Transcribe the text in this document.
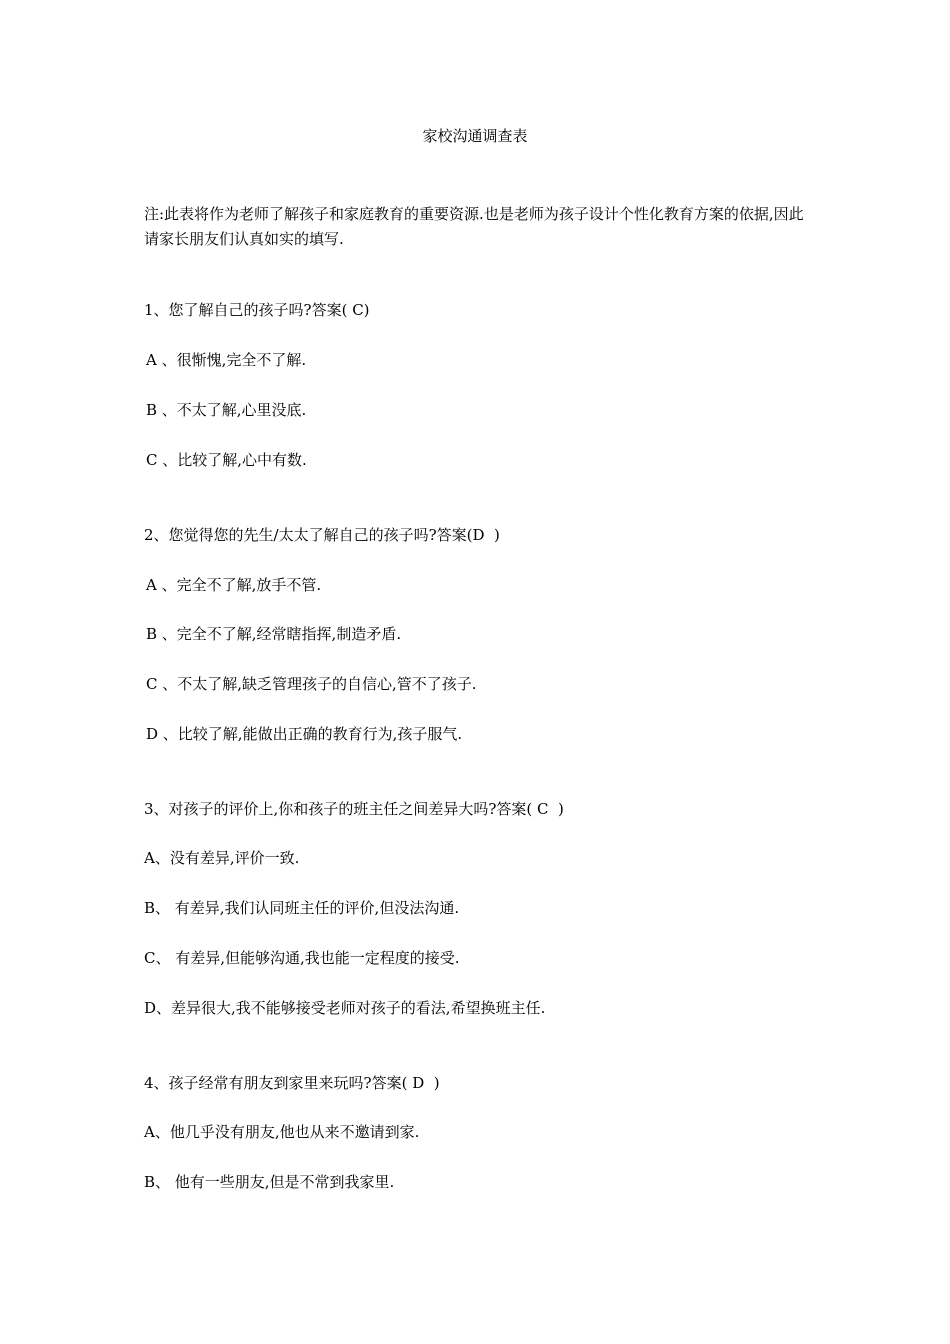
家校沟通调查表

注:此表将作为老师了解孩子和家庭教育的重要资源.也是老师为孩子设计个性化教育方案的依据,因此请家长朋友们认真如实的填写.

1、您了解自己的孩子吗?答案( C)
A 、很惭愧,完全不了解.
B 、不太了解,心里没底.
C 、比较了解,心中有数.
2、您觉得您的先生/太太了解自己的孩子吗?答案(D  )
A 、完全不了解,放手不管.
B 、完全不了解,经常瞎指挥,制造矛盾.
C 、不太了解,缺乏管理孩子的自信心,管不了孩子.
D 、比较了解,能做出正确的教育行为,孩子服气.
3、对孩子的评价上,你和孩子的班主任之间差异大吗?答案( C  )
A、没有差异,评价一致.
B、 有差异,我们认同班主任的评价,但没法沟通.
C、 有差异,但能够沟通,我也能一定程度的接受.
D、差异很大,我不能够接受老师对孩子的看法,希望换班主任.
4、孩子经常有朋友到家里来玩吗?答案( D  )
A、他几乎没有朋友,他也从来不邀请到家.
B、 他有一些朋友,但是不常到我家里.
